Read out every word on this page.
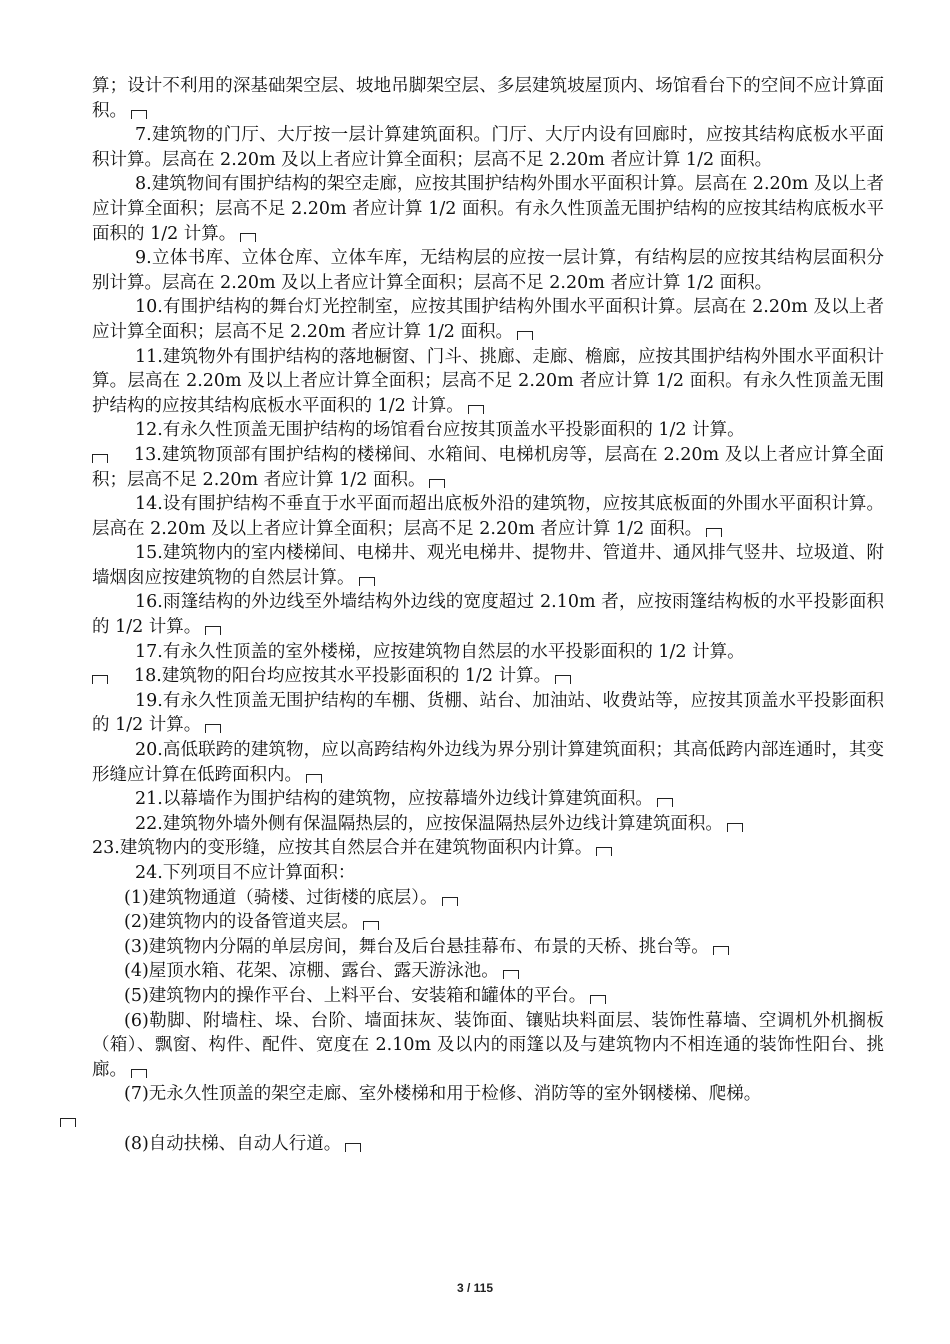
算；设计不利用的深基础架空层、坡地吊脚架空层、多层建筑坡屋顶内、场馆看台下的空间不应计算面积。

7.建筑物的门厅、大厅按一层计算建筑面积。门厅、大厅内设有回廊时，应按其结构底板水平面积计算。层高在 2.20m 及以上者应计算全面积；层高不足 2.20m 者应计算 1/2 面积。

8.建筑物间有围护结构的架空走廊，应按其围护结构外围水平面积计算。层高在 2.20m 及以上者应计算全面积；层高不足 2.20m 者应计算 1/2 面积。有永久性顶盖无围护结构的应按其结构底板水平面积的 1/2 计算。

9.立体书库、立体仓库、立体车库，无结构层的应按一层计算，有结构层的应按其结构层面积分别计算。层高在 2.20m 及以上者应计算全面积；层高不足 2.20m 者应计算 1/2 面积。

10.有围护结构的舞台灯光控制室，应按其围护结构外围水平面积计算。层高在 2.20m 及以上者应计算全面积；层高不足 2.20m 者应计算 1/2 面积。

11.建筑物外有围护结构的落地橱窗、门斗、挑廊、走廊、檐廊，应按其围护结构外围水平面积计算。层高在 2.20m 及以上者应计算全面积；层高不足 2.20m 者应计算 1/2 面积。有永久性顶盖无围护结构的应按其结构底板水平面积的 1/2 计算。

12.有永久性顶盖无围护结构的场馆看台应按其顶盖水平投影面积的 1/2 计算。

13.建筑物顶部有围护结构的楼梯间、水箱间、电梯机房等，层高在 2.20m 及以上者应计算全面积；层高不足 2.20m 者应计算 1/2 面积。

14.设有围护结构不垂直于水平面而超出底板外沿的建筑物，应按其底板面的外围水平面积计算。层高在 2.20m 及以上者应计算全面积；层高不足 2.20m 者应计算 1/2 面积。

15.建筑物内的室内楼梯间、电梯井、观光电梯井、提物井、管道井、通风排气竖井、垃圾道、附墙烟囱应按建筑物的自然层计算。

16.雨篷结构的外边线至外墙结构外边线的宽度超过 2.10m 者，应按雨篷结构板的水平投影面积的 1/2 计算。

17.有永久性顶盖的室外楼梯，应按建筑物自然层的水平投影面积的 1/2 计算。

18.建筑物的阳台均应按其水平投影面积的 1/2 计算。

19.有永久性顶盖无围护结构的车棚、货棚、站台、加油站、收费站等，应按其顶盖水平投影面积的 1/2 计算。

20.高低联跨的建筑物，应以高跨结构外边线为界分别计算建筑面积；其高低跨内部连通时，其变形缝应计算在低跨面积内。

21.以幕墙作为围护结构的建筑物，应按幕墙外边线计算建筑面积。

22.建筑物外墙外侧有保温隔热层的，应按保温隔热层外边线计算建筑面积。

23.建筑物内的变形缝，应按其自然层合并在建筑物面积内计算。

24.下列项目不应计算面积：

(1)建筑物通道（骑楼、过街楼的底层）。

(2)建筑物内的设备管道夹层。

(3)建筑物内分隔的单层房间，舞台及后台悬挂幕布、布景的天桥、挑台等。

(4)屋顶水箱、花架、凉棚、露台、露天游泳池。

(5)建筑物内的操作平台、上料平台、安装箱和罐体的平台。

(6)勒脚、附墙柱、垛、台阶、墙面抹灰、装饰面、镶贴块料面层、装饰性幕墙、空调机外机搁板（箱）、飘窗、构件、配件、宽度在 2.10m 及以内的雨篷以及与建筑物内不相连通的装饰性阳台、挑廊。

(7)无永久性顶盖的架空走廊、室外楼梯和用于检修、消防等的室外钢楼梯、爬梯。

(8)自动扶梯、自动人行道。

3 / 115
